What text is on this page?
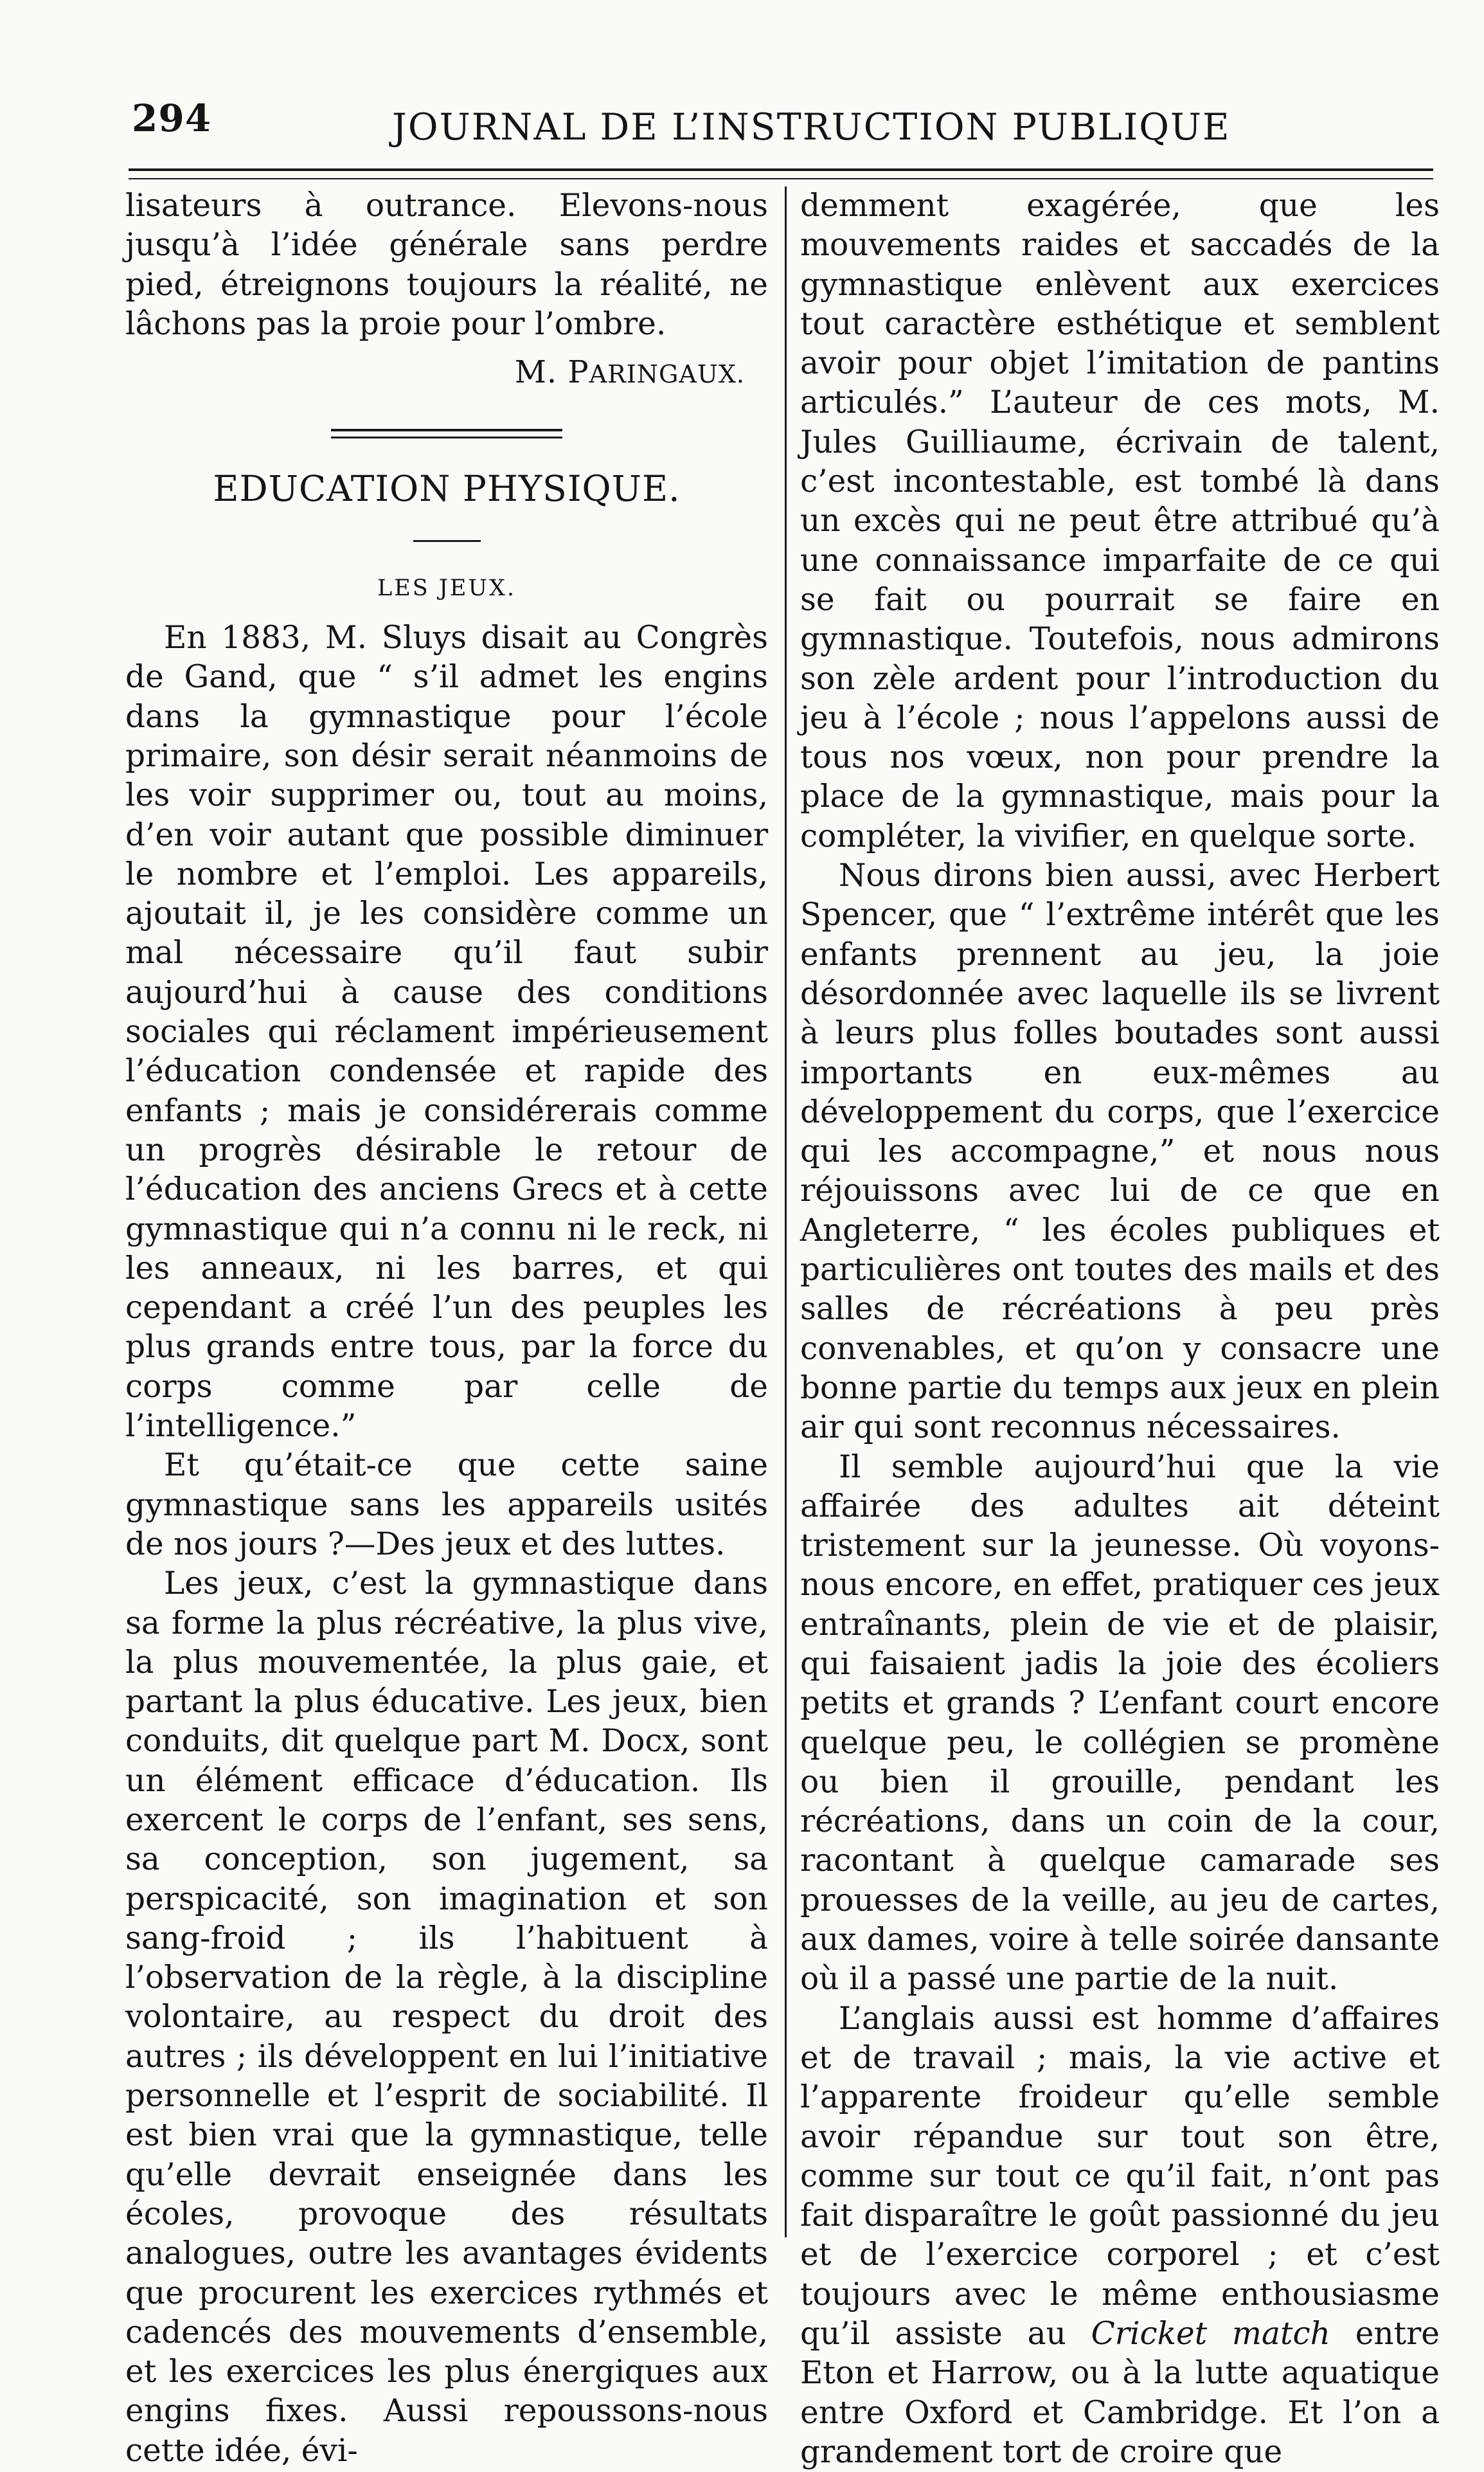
294	JOURNAL DE L’INSTRUCTION PUBLIQUE

lisateurs à outrance. Elevons-nous jusqu’à l’idée générale sans perdre pied, étreignons toujours la réalité, ne lâchons pas la proie pour l’ombre.

M. PARINGAUX.
EDUCATION PHYSIQUE.
LES JEUX.

En 1883, M. Sluys disait au Congrès de Gand, que “ s’il admet les engins dans la gymnastique pour l’école primaire, son désir serait néanmoins de les voir supprimer ou, tout au moins, d’en voir autant que possible diminuer le nombre et l’emploi. Les appareils, ajoutait il, je les considère comme un mal nécessaire qu’il faut subir aujourd’hui à cause des conditions sociales qui réclament impérieusement l’éducation condensée et rapide des enfants ; mais je considérerais comme un progrès désirable le retour de l’éducation des anciens Grecs et à cette gymnastique qui n’a connu ni le reck, ni les anneaux, ni les barres, et qui cependant a créé l’un des peuples les plus grands entre tous, par la force du corps comme par celle de l’intelligence.”

Et qu’était-ce que cette saine gymnastique sans les appareils usités de nos jours ?—Des jeux et des luttes.

Les jeux, c’est la gymnastique dans sa forme la plus récréative, la plus vive, la plus mouvementée, la plus gaie, et partant la plus éducative. Les jeux, bien conduits, dit quelque part M. Docx, sont un élément efficace d’éducation. Ils exercent le corps de l’enfant, ses sens, sa conception, son jugement, sa perspicacité, son imagination et son sang-froid ; ils l’habituent à l’observation de la règle, à la discipline volontaire, au respect du droit des autres ; ils développent en lui l’initiative personnelle et l’esprit de sociabilité. Il est bien vrai que la gymnastique, telle qu’elle devrait enseignée dans les écoles, provoque des résultats analogues, outre les avantages évidents que procurent les exercices rythmés et cadencés des mouvements d’ensemble, et les exercices les plus énergiques aux engins fixes. Aussi repoussons-nous cette idée, évi-

demment exagérée, que les mouvements raides et saccadés de la gymnastique enlèvent aux exercices tout caractère esthétique et semblent avoir pour objet l’imitation de pantins articulés.” L’auteur de ces mots, M. Jules Guilliaume, écrivain de talent, c’est incontestable, est tombé là dans un excès qui ne peut être attribué qu’à une connaissance imparfaite de ce qui se fait ou pourrait se faire en gymnastique. Toutefois, nous admirons son zèle ardent pour l’introduction du jeu à l’école ; nous l’appelons aussi de tous nos vœux, non pour prendre la place de la gymnastique, mais pour la compléter, la vivifier, en quelque sorte.

Nous dirons bien aussi, avec Herbert Spencer, que “ l’extrême intérêt que les enfants prennent au jeu, la joie désordonnée avec laquelle ils se livrent à leurs plus folles boutades sont aussi importants en eux-mêmes au développement du corps, que l’exercice qui les accompagne,” et nous nous réjouissons avec lui de ce que en Angleterre, “ les écoles publiques et particulières ont toutes des mails et des salles de récréations à peu près convenables, et qu’on y consacre une bonne partie du temps aux jeux en plein air qui sont reconnus nécessaires.

Il semble aujourd’hui que la vie affairée des adultes ait déteint tristement sur la jeunesse. Où voyons-nous encore, en effet, pratiquer ces jeux entraînants, plein de vie et de plaisir, qui faisaient jadis la joie des écoliers petits et grands ? L’enfant court encore quelque peu, le collégien se promène ou bien il grouille, pendant les récréations, dans un coin de la cour, racontant à quelque camarade ses prouesses de la veille, au jeu de cartes, aux dames, voire à telle soirée dansante où il a passé une partie de la nuit.

L’anglais aussi est homme d’affaires et de travail ; mais, la vie active et l’apparente froideur qu’elle semble avoir répandue sur tout son être, comme sur tout ce qu’il fait, n’ont pas fait disparaître le goût passionné du jeu et de l’exercice corporel ; et c’est toujours avec le même enthousiasme qu’il assiste au Cricket match entre Eton et Harrow, ou à la lutte aquatique entre Oxford et Cambridge. Et l’on a grandement tort de croire que
